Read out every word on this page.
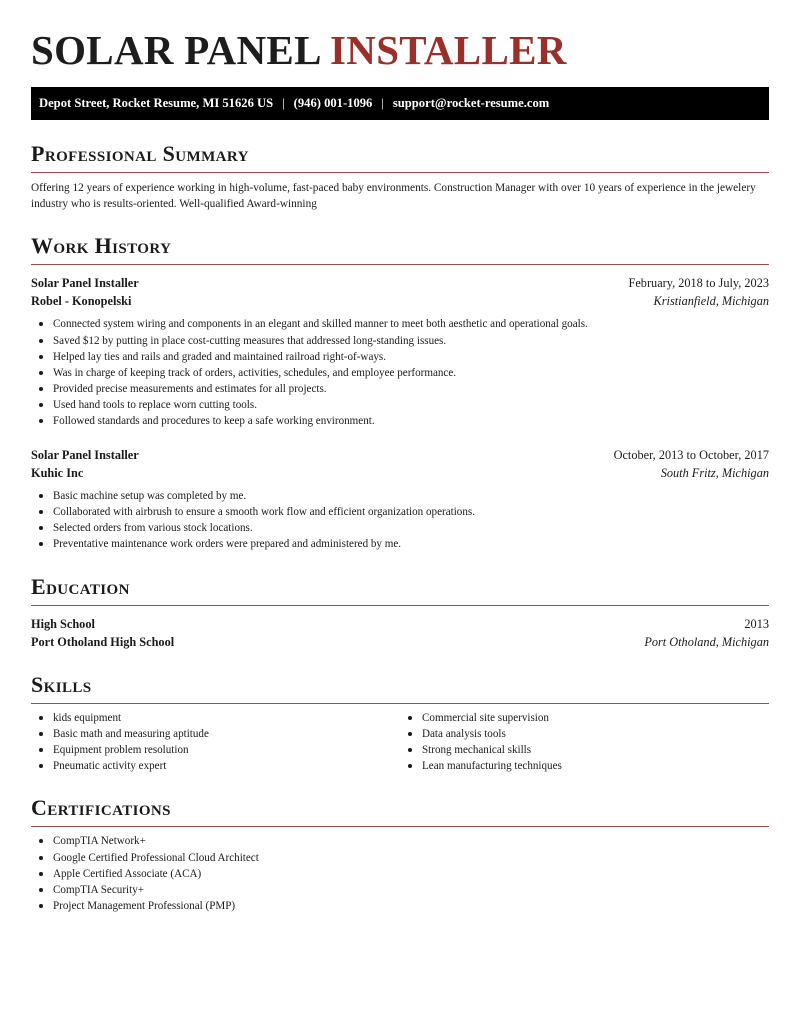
SOLAR PANEL INSTALLER
Depot Street, Rocket Resume, MI 51626 US | (946) 001-1096 | support@rocket-resume.com
Professional Summary

Offering 12 years of experience working in high-volume, fast-paced baby environments. Construction Manager with over 10 years of experience in the jewelery industry who is results-oriented. Well-qualified Award-winning

Work History
Solar Panel Installer	February, 2018 to July, 2023
Robel - Konopelski	Kristianfield, Michigan
• Connected system wiring and components in an elegant and skilled manner to meet both aesthetic and operational goals.
• Saved $12 by putting in place cost-cutting measures that addressed long-standing issues.
• Helped lay ties and rails and graded and maintained railroad right-of-ways.
• Was in charge of keeping track of orders, activities, schedules, and employee performance.
• Provided precise measurements and estimates for all projects.
• Used hand tools to replace worn cutting tools.
• Followed standards and procedures to keep a safe working environment.
Solar Panel Installer	October, 2013 to October, 2017
Kuhic Inc	South Fritz, Michigan
• Basic machine setup was completed by me.
• Collaborated with airbrush to ensure a smooth work flow and efficient organization operations.
• Selected orders from various stock locations.
• Preventative maintenance work orders were prepared and administered by me.
Education
High School	2013
Port Otholand High School	Port Otholand, Michigan
Skills
• kids equipment
• Basic math and measuring aptitude
• Equipment problem resolution
• Pneumatic activity expert
• Commercial site supervision
• Data analysis tools
• Strong mechanical skills
• Lean manufacturing techniques
Certifications
• CompTIA Network+
• Google Certified Professional Cloud Architect
• Apple Certified Associate (ACA)
• CompTIA Security+
• Project Management Professional (PMP)
